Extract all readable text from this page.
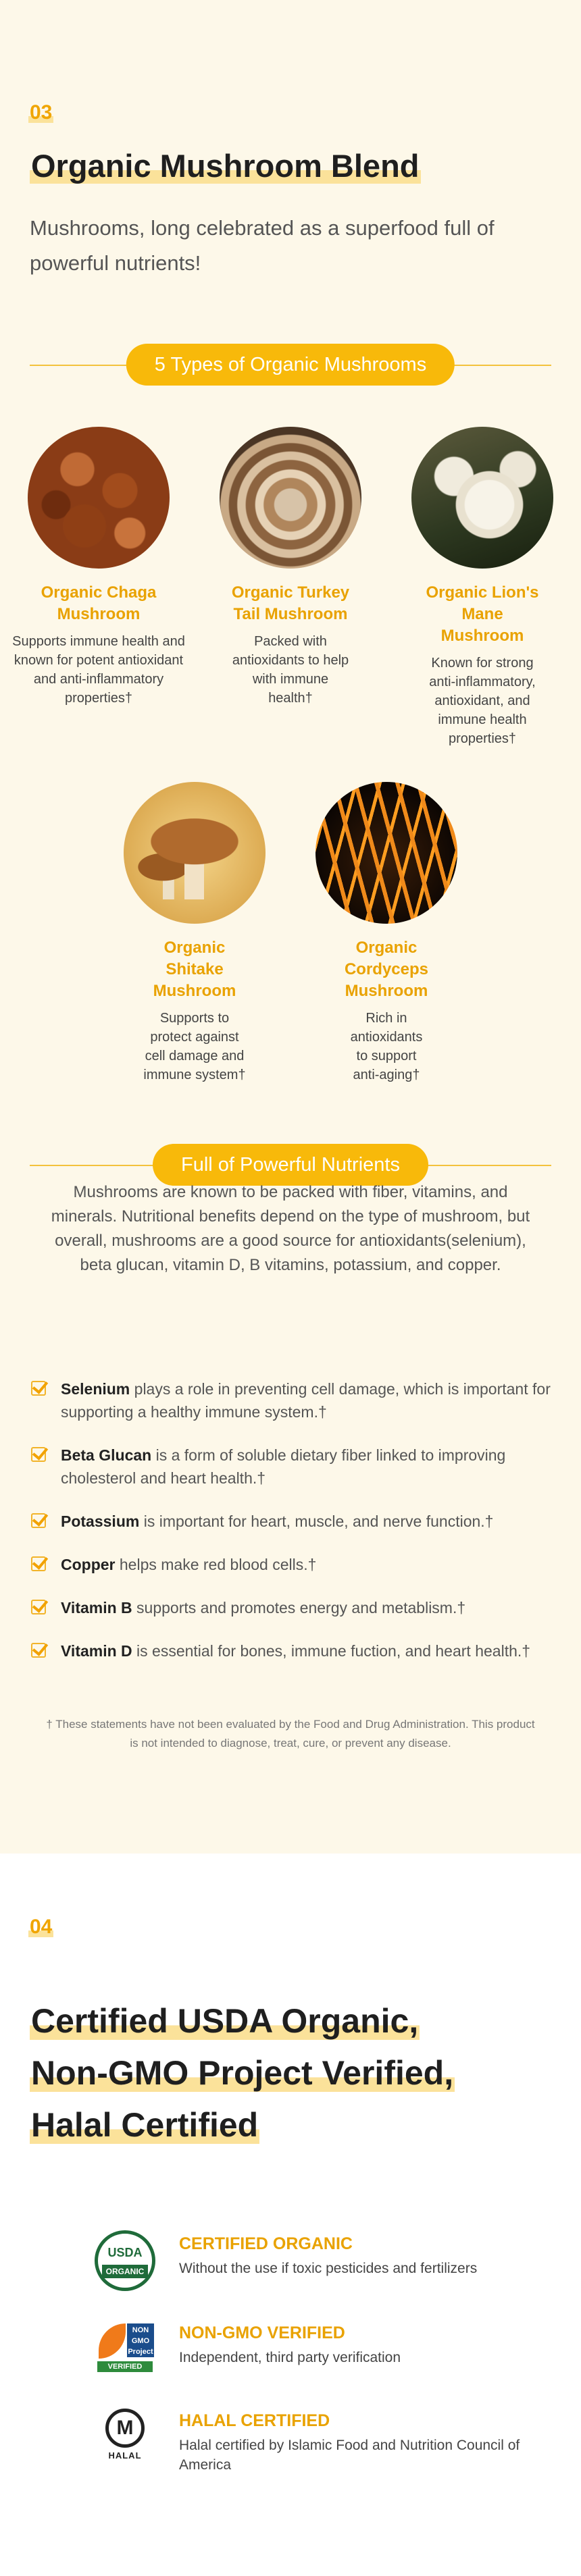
03
Organic Mushroom Blend

Mushrooms, long celebrated as a superfood full of powerful nutrients!

5 Types of Organic Mushrooms
Organic Chaga Mushroom
Supports immune health and known for potent antioxidant and anti-inflammatory properties†
Organic Turkey Tail Mushroom
Packed with antioxidants to help with immune health†
Organic Lion's Mane Mushroom
Known for strong anti-inflammatory, antioxidant, and immune health properties†
Organic Shitake Mushroom
Supports to protect against cell damage and immune system†
Organic Cordyceps Mushroom
Rich in antioxidants to support anti-aging†
Full of Powerful Nutrients

Mushrooms are known to be packed with fiber, vitamins, and minerals. Nutritional benefits depend on the type of mushroom, but overall, mushrooms are a good source for antioxidants(selenium), beta glucan, vitamin D, B vitamins, potassium, and copper.

Selenium plays a role in preventing cell damage, which is important for supporting a healthy immune system.†
Beta Glucan is a form of soluble dietary fiber linked to improving cholesterol and heart health.†
Potassium is important for heart, muscle, and nerve function.†
Copper helps make red blood cells.†
Vitamin B supports and promotes energy and metablism.†
Vitamin D is essential for bones, immune fuction, and heart health.†

† These statements have not been evaluated by the Food and Drug Administration. This product is not intended to diagnose, treat, cure, or prevent any disease.

04
Certified USDA Organic,
Non-GMO Project Verified,
Halal Certified
USDA
ORGANIC
CERTIFIED ORGANIC
Without the use if toxic pesticides and fertilizers
NON GMO Project
VERIFIED
NON-GMO VERIFIED
Independent, third party verification
M
HALAL
HALAL CERTIFIED
Halal certified by Islamic Food and Nutrition Council of America
